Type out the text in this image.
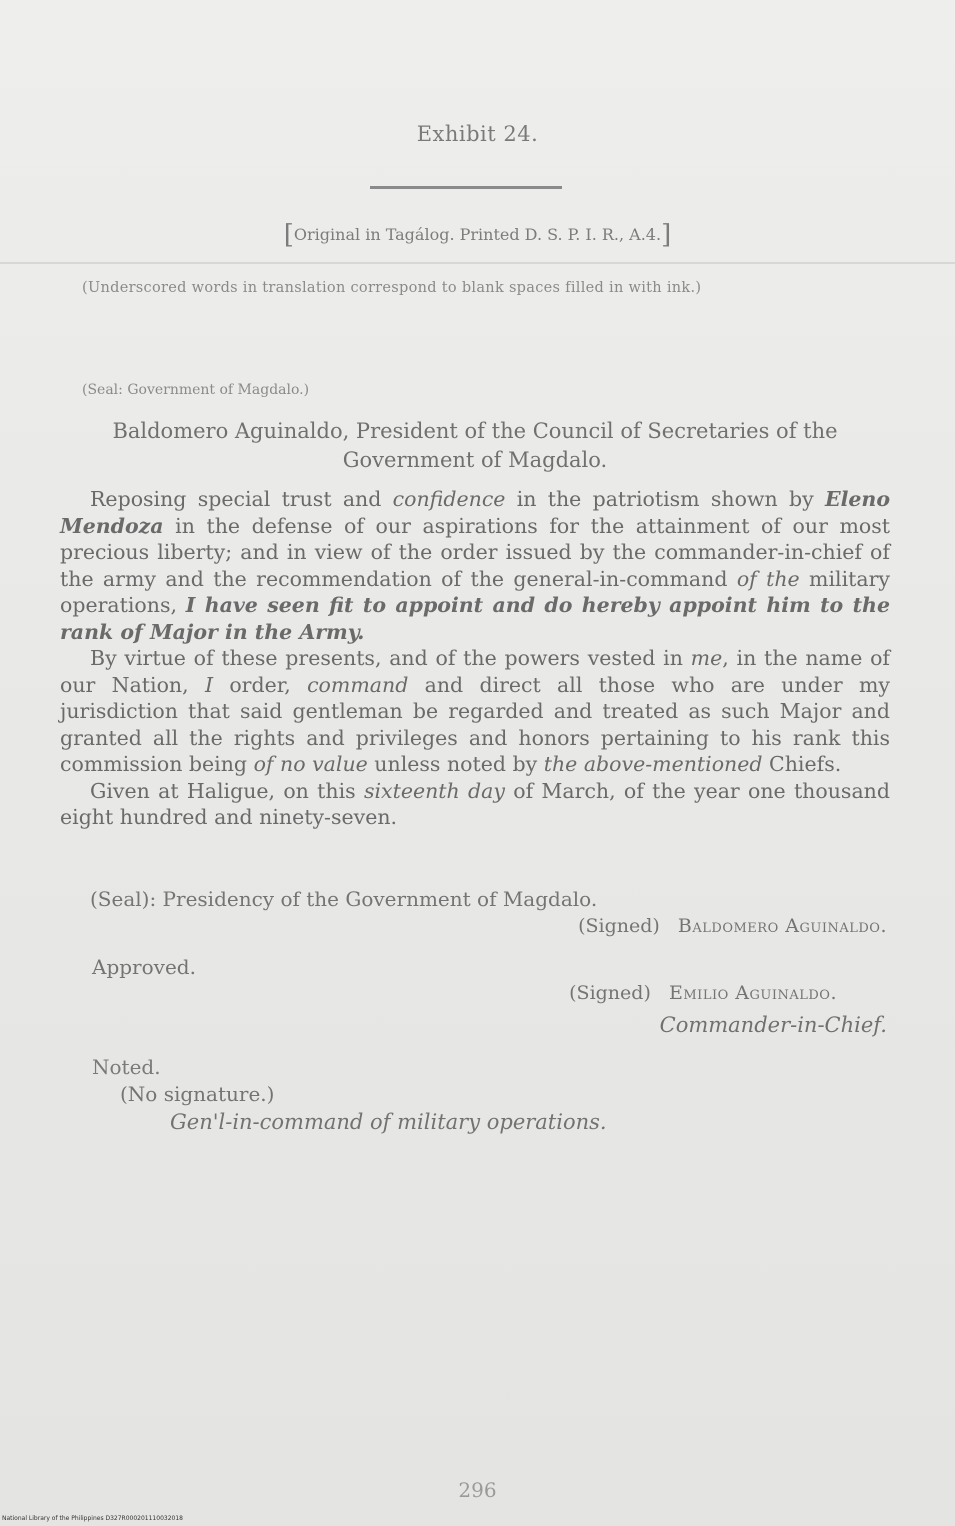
Exhibit 24.
[Original in Tagálog. Printed D. S. P. I. R., A.4.]
(Underscored words in translation correspond to blank spaces filled in with ink.)
(Seal: Government of Magdalo.)
Baldomero Aguinaldo, President of the Council of Secretaries of the
Government of Magdalo.

Reposing special trust and confidence in the patriotism shown by Eleno Mendoza in the defense of our aspirations for the attainment of our most precious liberty; and in view of the order issued by the commander-in-chief of the army and the recommendation of the general-in-command of the military operations, I have seen fit to appoint and do hereby appoint him to the rank of Major in the Army.

By virtue of these presents, and of the powers vested in me, in the name of our Nation, I order, command and direct all those who are under my jurisdiction that said gentleman be regarded and treated as such Major and granted all the rights and privileges and honors pertaining to his rank this commission being of no value unless noted by the above-mentioned Chiefs.

Given at Haligue, on this sixteenth day of March, of the year one thousand eight hundred and ninety-seven.

(Seal): Presidency of the Government of Magdalo.
(Signed) Baldomero Aguinaldo.
Approved.
(Signed) Emilio Aguinaldo.
Commander-in-Chief.
Noted.
(No signature.)
Gen'l-in-command of military operations.
296
National Library of the Philippines D327R000201110032018
